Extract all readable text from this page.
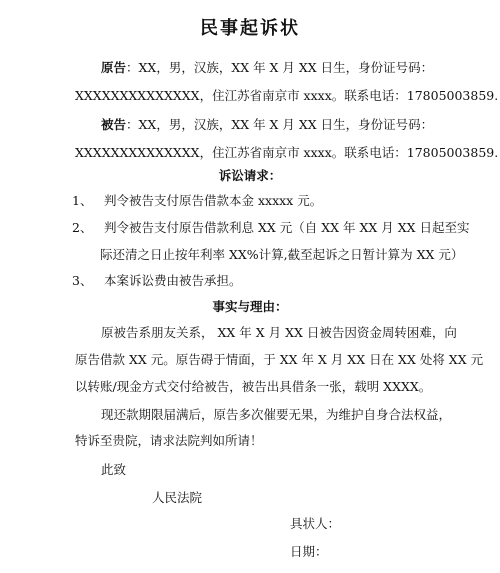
民事起诉状
原告：XX，男，汉族，XX 年 X 月 XX 日生，身份证号码：
XXXXXXXXXXXXXX，住江苏省南京市 xxxx。联系电话：17805003859.
被告：XX，男，汉族，XX 年 X 月 XX 日生，身份证号码：
XXXXXXXXXXXXXX，住江苏省南京市 xxxx。联系电话：17805003859.
诉讼请求：
1、 判令被告支付原告借款本金 xxxxx 元。
2、 判令被告支付原告借款利息 XX 元（自 XX 年 XX 月 XX 日起至实
际还清之日止按年利率 XX%计算,截至起诉之日暂计算为 XX 元）
3、 本案诉讼费由被告承担。
事实与理由：
原被告系朋友关系， XX 年 X 月 XX 日被告因资金周转困难，向
原告借款 XX 元。原告碍于情面，于 XX 年 X 月 XX 日在 XX 处将 XX 元
以转账/现金方式交付给被告，被告出具借条一张，载明 XXXX。
现还款期限届满后，原告多次催要无果，为维护自身合法权益，
特诉至贵院，请求法院判如所请！
此致
人民法院
具状人：
日期：
